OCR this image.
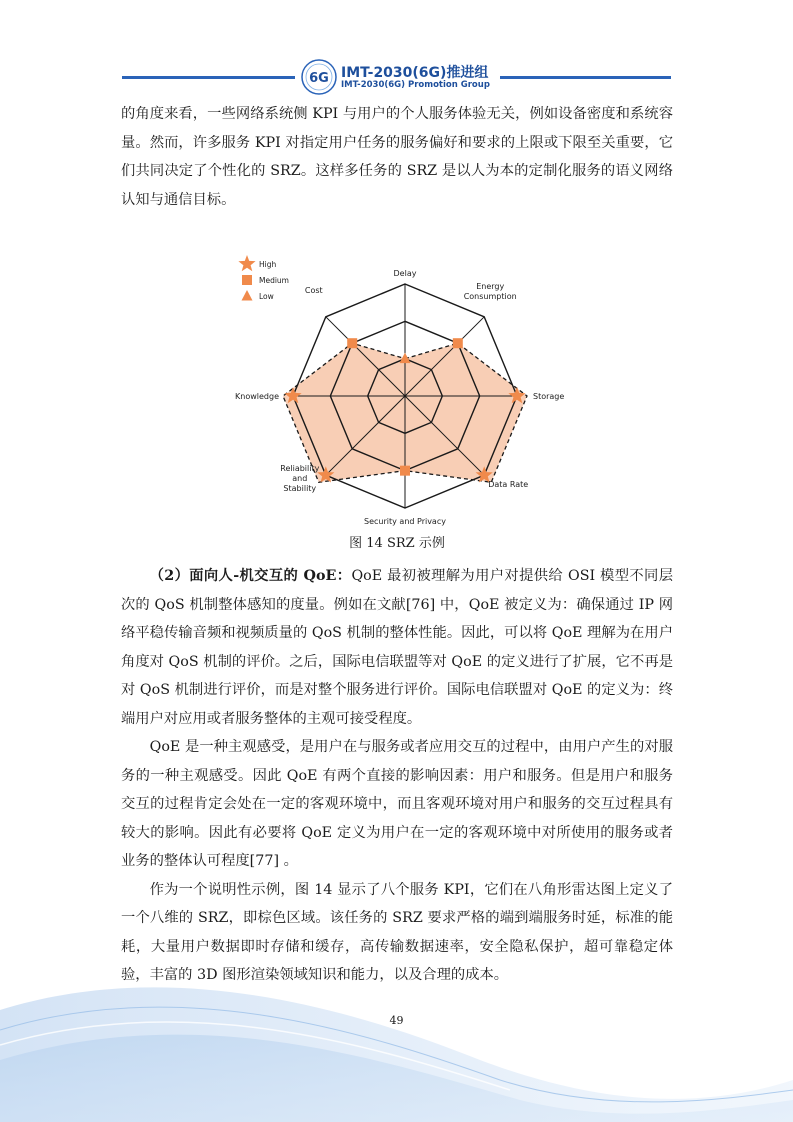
6G IMT-2030(6G)推进组
IMT-2030(6G) Promotion Group

的角度来看，一些网络系统侧 KPI 与用户的个人服务体验无关，例如设备密度和系统容量。然而，许多服务 KPI 对指定用户任务的服务偏好和要求的上限或下限至关重要，它们共同决定了个性化的 SRZ。这样多任务的 SRZ 是以人为本的定制化服务的语义网络认知与通信目标。

Delay
Energy Consumption
Storage
Data Rate
Security and Privacy
Reliability and Stability
Knowledge
Cost
High
Medium
Low
图 14 SRZ 示例

（2）面向人-机交互的 QoE：QoE 最初被理解为用户对提供给 OSI 模型不同层次的 QoS 机制整体感知的度量。例如在文献[76] 中，QoE 被定义为：确保通过 IP 网络平稳传输音频和视频质量的 QoS 机制的整体性能。因此，可以将 QoE 理解为在用户角度对 QoS 机制的评价。之后，国际电信联盟等对 QoE 的定义进行了扩展，它不再是对 QoS 机制进行评价，而是对整个服务进行评价。国际电信联盟对 QoE 的定义为：终端用户对应用或者服务整体的主观可接受程度。

QoE 是一种主观感受，是用户在与服务或者应用交互的过程中，由用户产生的对服务的一种主观感受。因此 QoE 有两个直接的影响因素：用户和服务。但是用户和服务交互的过程肯定会处在一定的客观环境中，而且客观环境对用户和服务的交互过程具有较大的影响。因此有必要将 QoE 定义为用户在一定的客观环境中对所使用的服务或者业务的整体认可程度[77] 。

作为一个说明性示例，图 14 显示了八个服务 KPI，它们在八角形雷达图上定义了一个八维的 SRZ，即棕色区域。该任务的 SRZ 要求严格的端到端服务时延，标准的能耗，大量用户数据即时存储和缓存，高传输数据速率，安全隐私保护，超可靠稳定体验，丰富的 3D 图形渲染领域知识和能力，以及合理的成本。

49
